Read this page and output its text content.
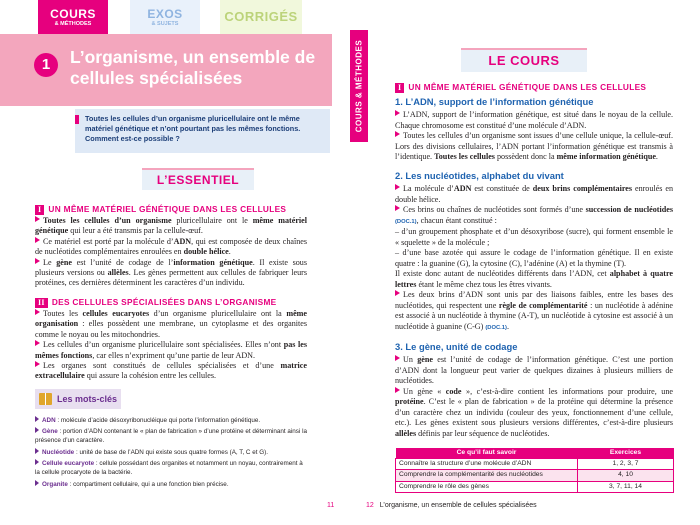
COURS
& MÉTHODES
EXOS
& SUJETS	CORRIGÉS
1	L’organisme, un ensemble de cellules spécialisées
Toutes les cellules d’un organisme pluricellulaire ont le même matériel génétique et n’ont pourtant pas les mêmes fonctions. Comment est-ce possible ?
L’ESSENTIEL
I UN MÊME MATÉRIEL GÉNÉTIQUE DANS LES CELLULES

Toutes les cellules d’un organisme pluricellulaire ont le même matériel génétique qui leur a été transmis par la cellule-œuf.

Ce matériel est porté par la molécule d’ADN, qui est composée de deux chaînes de nucléotides complémentaires enroulées en double hélice.

Le gène est l’unité de codage de l’information génétique. Il existe sous plusieurs versions ou allèles. Les gènes permettent aux cellules de fabriquer leurs protéines, ces dernières déterminent les caractères d’un individu.

II DES CELLULES SPÉCIALISÉES DANS L’ORGANISME

Toutes les cellules eucaryotes d’un organisme pluricellulaire ont la même organisation : elles possèdent une membrane, un cytoplasme et des organites comme le noyau ou les mitochondries.

Les cellules d’un organisme pluricellulaire sont spécialisées. Elles n’ont pas les mêmes fonctions, car elles n’expriment qu’une partie de leur ADN.

Les organes sont constitués de cellules spécialisées et d’une matrice extracellulaire qui assure la cohésion entre les cellules.

Les mots-clés

ADN : molécule d’acide désoxyribonucléique qui porte l’information génétique.

Gène : portion d’ADN contenant le « plan de fabrication » d’une protéine et déterminant ainsi la présence d’un caractère.

Nucléotide : unité de base de l’ADN qui existe sous quatre formes (A, T, C et G).

Cellule eucaryote : cellule possédant des organites et notamment un noyau, contrairement à la cellule procaryote de la bactérie.

Organite : compartiment cellulaire, qui a une fonction bien précise.

11
COURS & MÉTHODES	LE COURS
I UN MÊME MATÉRIEL GÉNÉTIQUE DANS LES CELLULES
1. L’ADN, support de l’information génétique

L’ADN, support de l’information génétique, est situé dans le noyau de la cellule. Chaque chromosome est constitué d’une molécule d’ADN.

Toutes les cellules d’un organisme sont issues d’une cellule unique, la cellule-œuf. Lors des divisions cellulaires, l’ADN portant l’information génétique est transmis à l’identique. Toutes les cellules possèdent donc la même information génétique.

2. Les nucléotides, alphabet du vivant

La molécule d’ADN est constituée de deux brins complémentaires enroulés en double hélice.

Ces brins ou chaînes de nucléotides sont formés d’une succession de nucléotides (DOC.1), chacun étant constitué :

– d’un groupement phosphate et d’un désoxyribose (sucre), qui forment ensemble le « squelette » de la molécule ;

– d’une base azotée qui assure le codage de l’information génétique. Il en existe quatre : la guanine (G), la cytosine (C), l’adénine (A) et la thymine (T).

Il existe donc autant de nucléotides différents dans l’ADN, cet alphabet à quatre lettres étant le même chez tous les êtres vivants.

Les deux brins d’ADN sont unis par des liaisons faibles, entre les bases des nucléotides, qui respectent une règle de complémentarité : un nucléotide à adénine est associé à un nucléotide à thymine (A-T), un nucléotide à cytosine est associé à un nucléotide à guanine (C-G) (DOC.1).

3. Le gène, unité de codage

Un gène est l’unité de codage de l’information génétique. C’est une portion d’ADN dont la longueur peut varier de quelques dizaines à plusieurs milliers de nucléotides.

Un gène « code », c’est-à-dire contient les informations pour produire, une protéine. C’est le « plan de fabrication » de la protéine qui détermine la présence d’un caractère chez un individu (couleur des yeux, fonctionnement d’une cellule, etc.). Les gènes existent sous plusieurs versions différentes, c’est-à-dire plusieurs allèles définis par leur séquence de nucléotides.

Ce qu’il faut savoir	Exercices
Connaître la structure d’une molécule d’ADN	1, 2, 3, 7
Comprendre la complémentarité des nucléotides	4, 10
Comprendre le rôle des gènes	3, 7, 11, 14
12 L’organisme, un ensemble de cellules spécialisées
